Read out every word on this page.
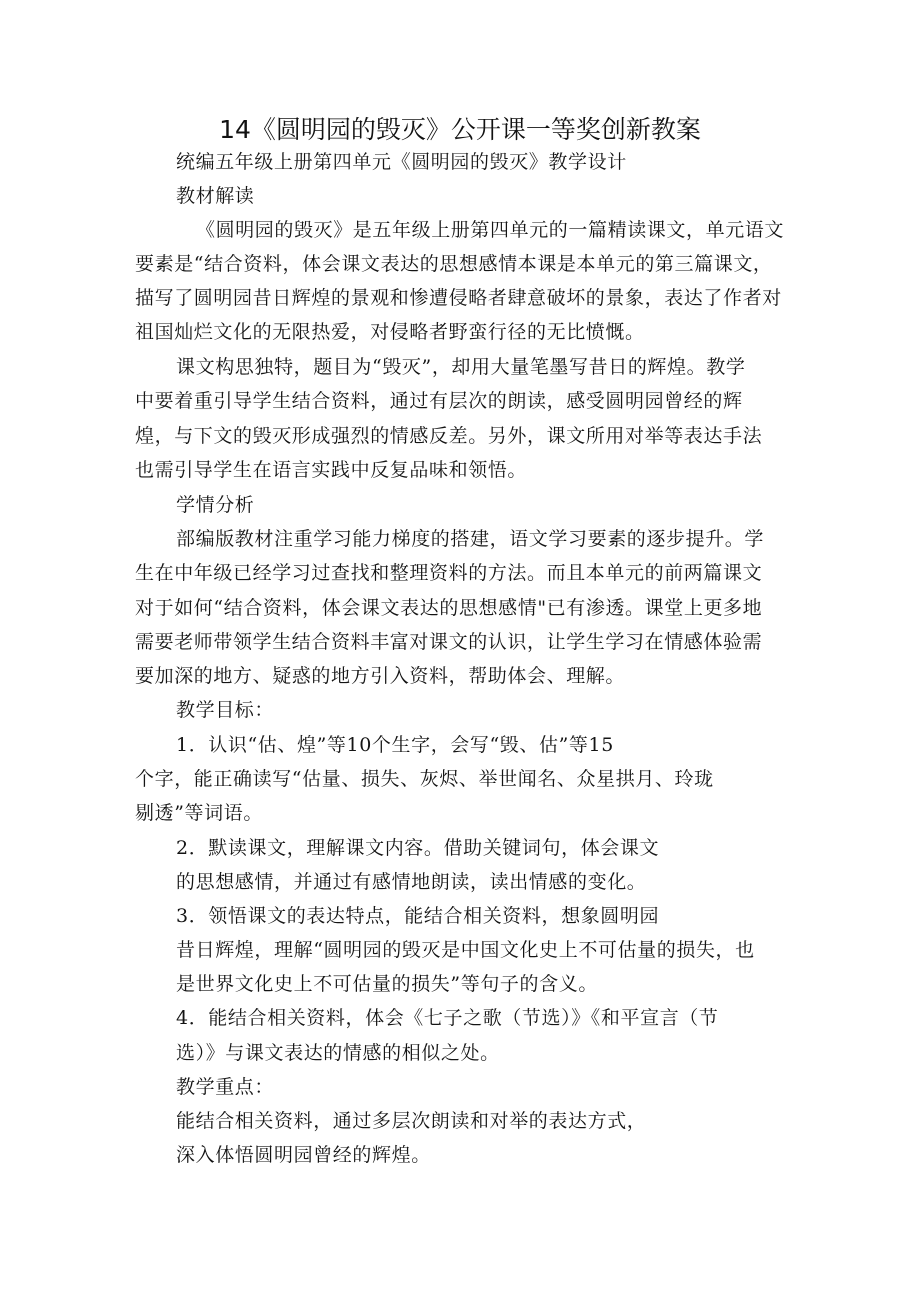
14《圆明园的毁灭》公开课一等奖创新教案
统编五年级上册第四单元《圆明园的毁灭》教学设计
教材解读
《圆明园的毁灭》是五年级上册第四单元的一篇精读课文，单元语文
要素是“结合资料，体会课文表达的思想感情本课是本单元的第三篇课文，
描写了圆明园昔日辉煌的景观和惨遭侵略者肆意破坏的景象，表达了作者对
祖国灿烂文化的无限热爱，对侵略者野蛮行径的无比愤慨。
课文构思独特，题目为“毁灭”，却用大量笔墨写昔日的辉煌。教学
中要着重引导学生结合资料，通过有层次的朗读，感受圆明园曾经的辉
煌，与下文的毁灭形成强烈的情感反差。另外，课文所用对举等表达手法
也需引导学生在语言实践中反复品味和领悟。
学情分析
部编版教材注重学习能力梯度的搭建，语文学习要素的逐步提升。学
生在中年级已经学习过查找和整理资料的方法。而且本单元的前两篇课文
对于如何“结合资料，体会课文表达的思想感情"已有渗透。课堂上更多地
需要老师带领学生结合资料丰富对课文的认识，让学生学习在情感体验需
要加深的地方、疑惑的地方引入资料，帮助体会、理解。
教学目标：
1．认识“估、煌”等10个生字，会写“毁、估”等15
个字，能正确读写“估量、损失、灰烬、举世闻名、众星拱月、玲珑
剔透”等词语。
2．默读课文，理解课文内容。借助关键词句，体会课文
的思想感情，并通过有感情地朗读，读出情感的变化。
3．领悟课文的表达特点，能结合相关资料，想象圆明园
昔日辉煌，理解“圆明园的毁灭是中国文化史上不可估量的损失，也
是世界文化史上不可估量的损失”等句子的含义。
4．能结合相关资料，体会《七子之歌（节选）》《和平宣言（节
选）》与课文表达的情感的相似之处。
教学重点：
能结合相关资料，通过多层次朗读和对举的表达方式，
深入体悟圆明园曾经的辉煌。
